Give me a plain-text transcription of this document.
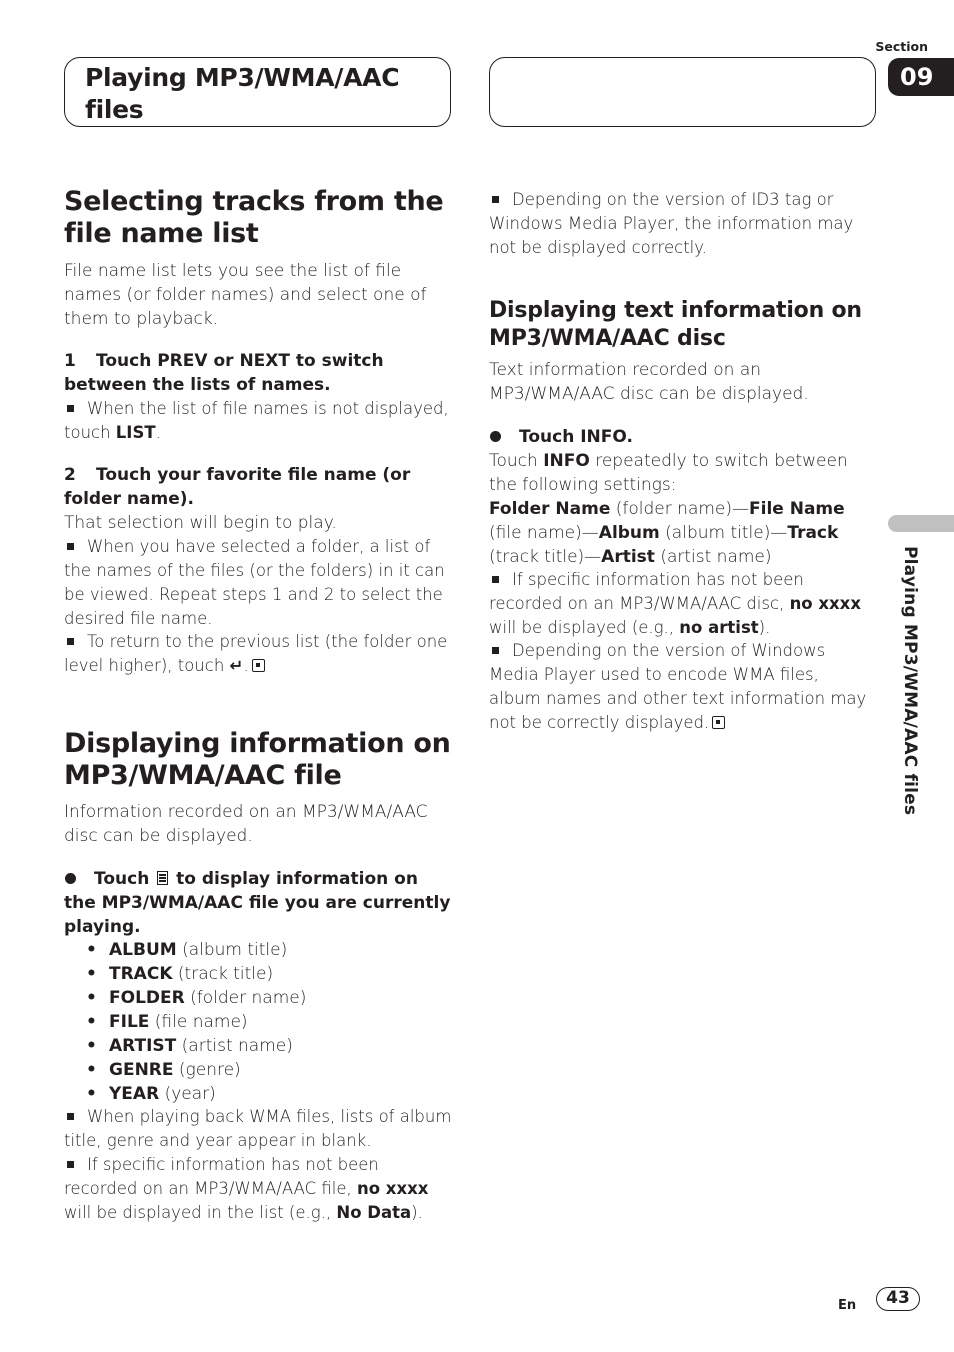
Playing MP3/WMA/AAC files
Section
09
Playing MP3/WMA/AAC files
Selecting tracks from the file name list
File name list lets you see the list of file names (or folder names) and select one of them to playback.
1 Touch PREV or NEXT to switch between the lists of names.
When the list of file names is not displayed, touch LIST.
2 Touch your favorite file name (or folder name).
That selection will begin to play.
When you have selected a folder, a list of the names of the files (or the folders) in it can be viewed. Repeat steps 1 and 2 to select the desired file name.
To return to the previous list (the folder one level higher), touch ↵.
Displaying information on MP3/WMA/AAC file
Information recorded on an MP3/WMA/AAC disc can be displayed.
Touch to display information on the MP3/WMA/AAC file you are currently playing.
• ALBUM (album title)
• TRACK (track title)
• FOLDER (folder name)
• FILE (file name)
• ARTIST (artist name)
• GENRE (genre)
• YEAR (year)
When playing back WMA files, lists of album title, genre and year appear in blank.
If specific information has not been recorded on an MP3/WMA/AAC file, no xxxx will be displayed in the list (e.g., No Data).
Depending on the version of ID3 tag or Windows Media Player, the information may not be displayed correctly.
Displaying text information on MP3/WMA/AAC disc
Text information recorded on an MP3/WMA/AAC disc can be displayed.
Touch INFO.
Touch INFO repeatedly to switch between the following settings:
Folder Name (folder name)—File Name (file name)—Album (album title)—Track (track title)—Artist (artist name)
If specific information has not been recorded on an MP3/WMA/AAC disc, no xxxx will be displayed (e.g., no artist).
Depending on the version of Windows Media Player used to encode WMA files, album names and other text information may not be correctly displayed.
En	43
